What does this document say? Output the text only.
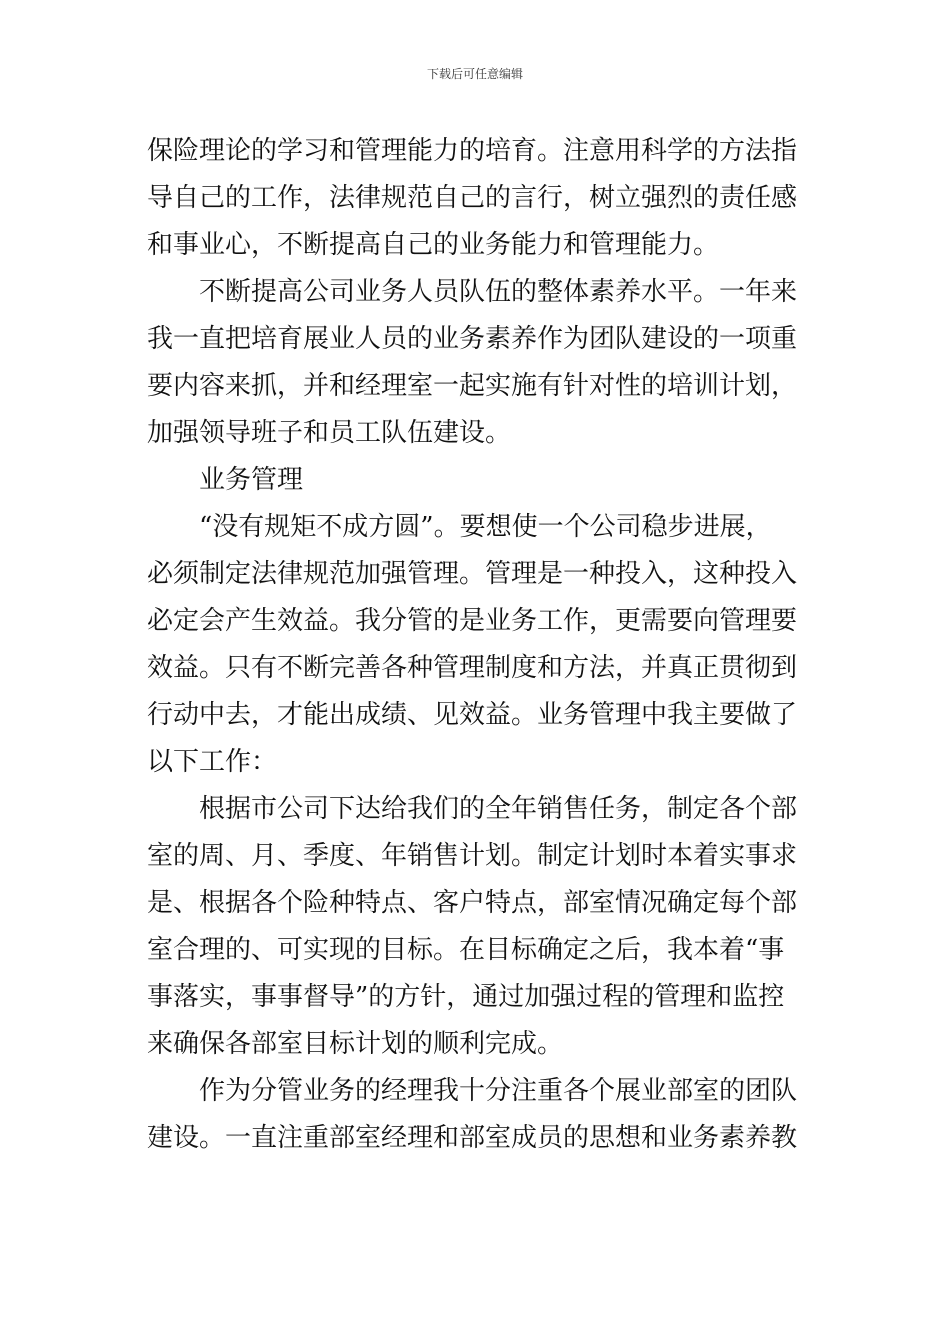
下载后可任意编辑
保险理论的学习和管理能力的培育。注意用科学的方法指
导自己的工作，法律规范自己的言行，树立强烈的责任感
和事业心，不断提高自己的业务能力和管理能力。
不断提高公司业务人员队伍的整体素养水平。一年来
我一直把培育展业人员的业务素养作为团队建设的一项重
要内容来抓，并和经理室一起实施有针对性的培训计划，
加强领导班子和员工队伍建设。
业务管理
“没有规矩不成方圆”。要想使一个公司稳步进展，
必须制定法律规范加强管理。管理是一种投入，这种投入
必定会产生效益。我分管的是业务工作，更需要向管理要
效益。只有不断完善各种管理制度和方法，并真正贯彻到
行动中去，才能出成绩、见效益。业务管理中我主要做了
以下工作：
根据市公司下达给我们的全年销售任务，制定各个部
室的周、月、季度、年销售计划。制定计划时本着实事求
是、根据各个险种特点、客户特点，部室情况确定每个部
室合理的、可实现的目标。在目标确定之后，我本着“事
事落实，事事督导”的方针，通过加强过程的管理和监控
来确保各部室目标计划的顺利完成。
作为分管业务的经理我十分注重各个展业部室的团队
建设。一直注重部室经理和部室成员的思想和业务素养教
